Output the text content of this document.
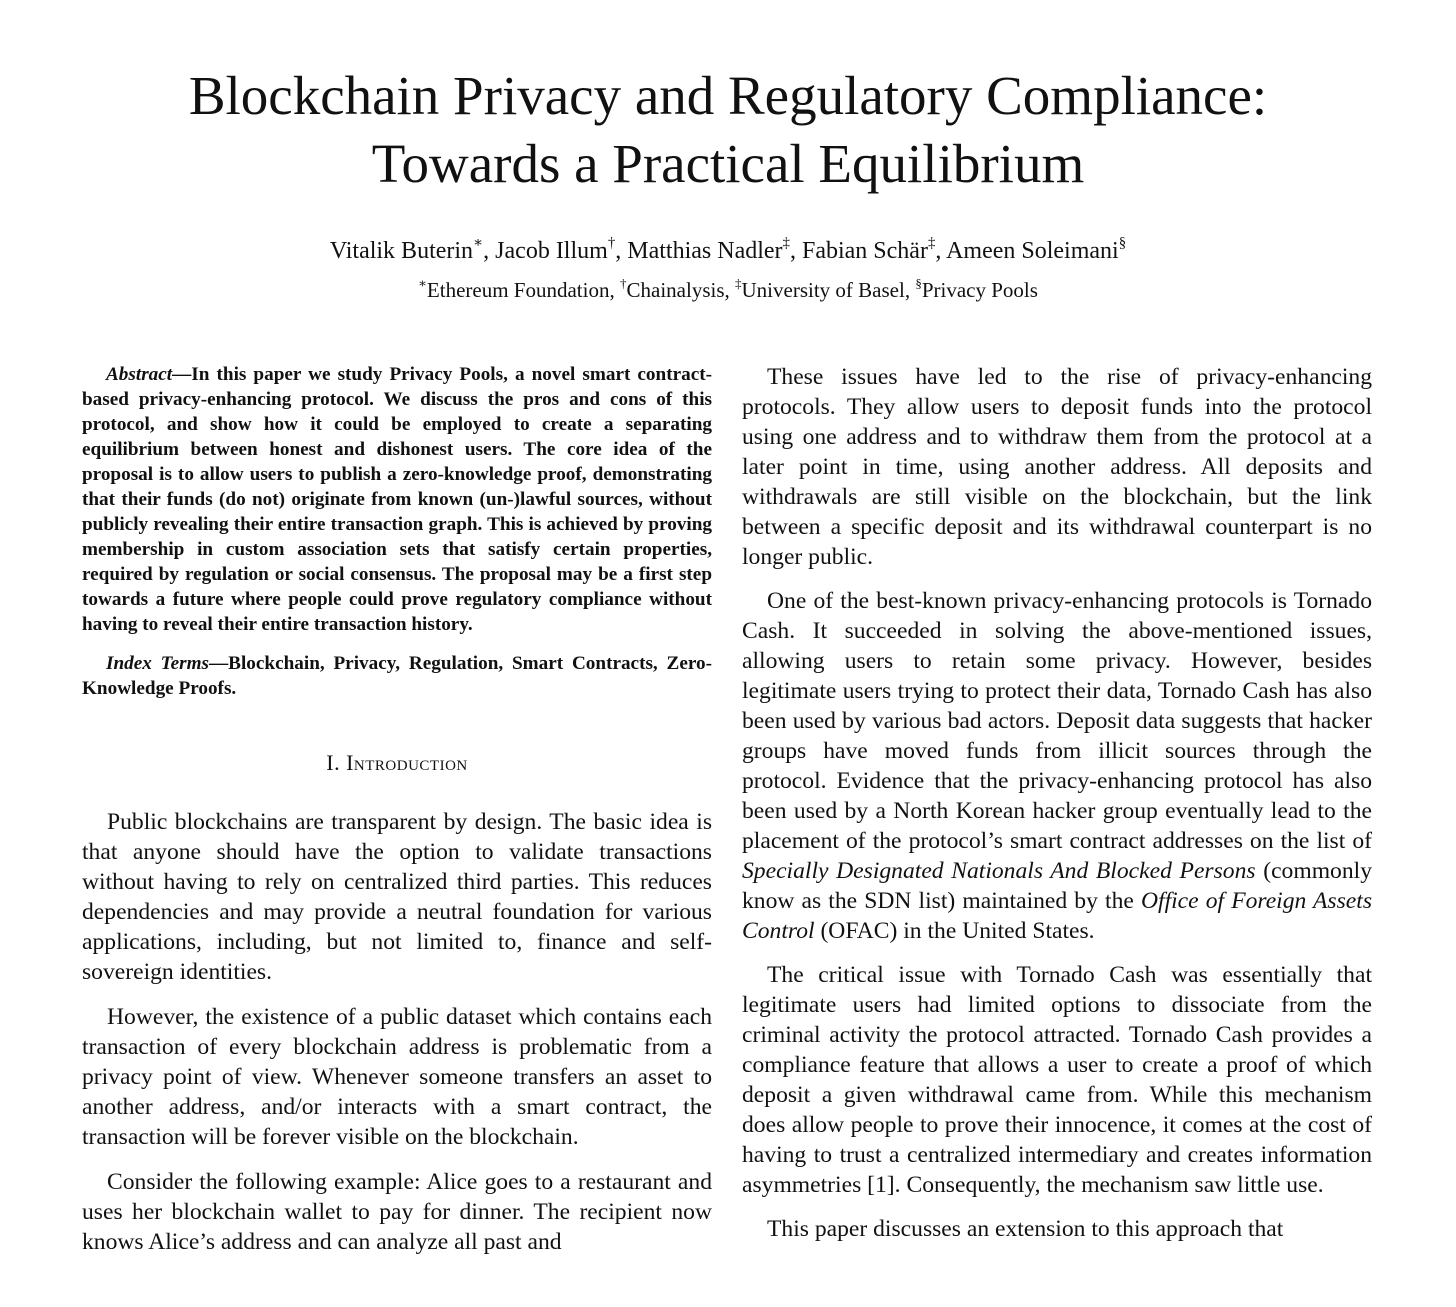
Blockchain Privacy and Regulatory Compliance:
Towards a Practical Equilibrium
Vitalik Buterin∗, Jacob Illum†, Matthias Nadler‡, Fabian Schär‡, Ameen Soleimani§
∗Ethereum Foundation, †Chainalysis, ‡University of Basel, §Privacy Pools

Abstract—In this paper we study Privacy Pools, a novel smart contract-based privacy-enhancing protocol. We discuss the pros and cons of this protocol, and show how it could be employed to create a separating equilibrium between honest and dishonest users. The core idea of the proposal is to allow users to publish a zero-knowledge proof, demonstrating that their funds (do not) originate from known (un-)lawful sources, without publicly revealing their entire transaction graph. This is achieved by proving membership in custom association sets that satisfy certain properties, required by regulation or social consensus. The proposal may be a first step towards a future where people could prove regulatory compliance without having to reveal their entire transaction history.

Index Terms—Blockchain, Privacy, Regulation, Smart Contracts, Zero-Knowledge Proofs.

I. Introduction

Public blockchains are transparent by design. The basic idea is that anyone should have the option to validate transactions without having to rely on centralized third parties. This reduces dependencies and may provide a neutral foundation for various applications, including, but not limited to, finance and self-sovereign identities.

However, the existence of a public dataset which contains each transaction of every blockchain address is problematic from a privacy point of view. Whenever someone transfers an asset to another address, and/or interacts with a smart contract, the transaction will be forever visible on the blockchain.

Consider the following example: Alice goes to a restaurant and uses her blockchain wallet to pay for dinner. The recipient now knows Alice’s address and can analyze all past and

These issues have led to the rise of privacy-enhancing protocols. They allow users to deposit funds into the protocol using one address and to withdraw them from the protocol at a later point in time, using another address. All deposits and withdrawals are still visible on the blockchain, but the link between a specific deposit and its withdrawal counterpart is no longer public.

One of the best-known privacy-enhancing protocols is Tornado Cash. It succeeded in solving the above-mentioned issues, allowing users to retain some privacy. However, besides legitimate users trying to protect their data, Tornado Cash has also been used by various bad actors. Deposit data suggests that hacker groups have moved funds from illicit sources through the protocol. Evidence that the privacy-enhancing protocol has also been used by a North Korean hacker group eventually lead to the placement of the protocol’s smart contract addresses on the list of Specially Designated Nationals And Blocked Persons (commonly know as the SDN list) maintained by the Office of Foreign Assets Control (OFAC) in the United States.

The critical issue with Tornado Cash was essentially that legitimate users had limited options to dissociate from the criminal activity the protocol attracted. Tornado Cash provides a compliance feature that allows a user to create a proof of which deposit a given withdrawal came from. While this mechanism does allow people to prove their innocence, it comes at the cost of having to trust a centralized intermediary and creates information asymmetries [1]. Consequently, the mechanism saw little use.

This paper discusses an extension to this approach that
